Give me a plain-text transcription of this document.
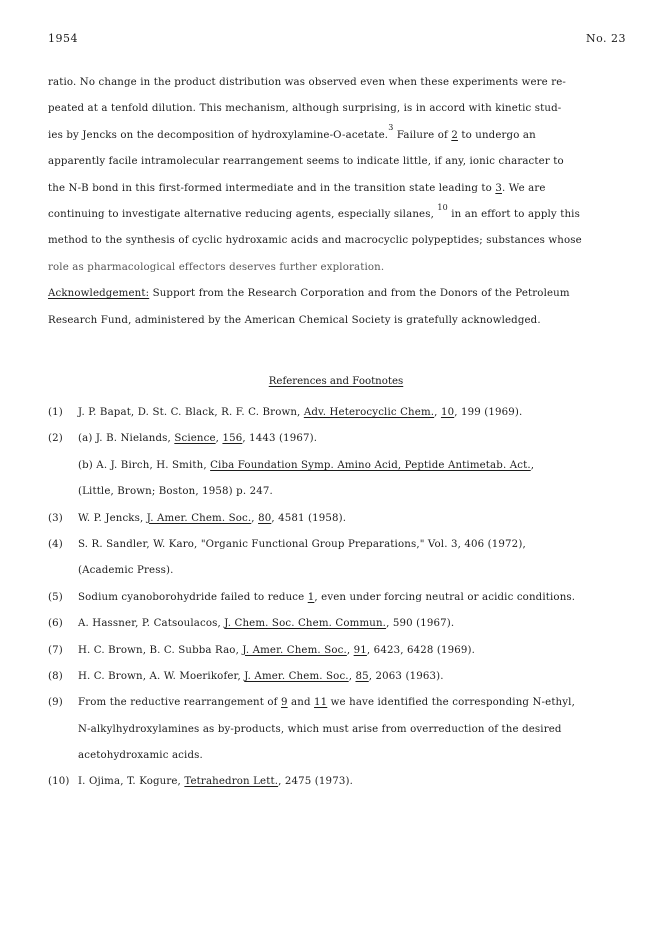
1954	No. 23
ratio. No change in the product distribution was observed even when these experiments were re-
peated at a tenfold dilution. This mechanism, although surprising, is in accord with kinetic stud-
ies by Jencks on the decomposition of hydroxylamine-O-acetate.$^3$ Failure of 2 to undergo an
apparently facile intramolecular rearrangement seems to indicate little, if any, ionic character to
the N-B bond in this first-formed intermediate and in the transition state leading to 3. We are
continuing to investigate alternative reducing agents, especially silanes, $^{10}$ in an effort to apply this
method to the synthesis of cyclic hydroxamic acids and macrocyclic polypeptides; substances whose
role as pharmacological effectors deserves further exploration.
Acknowledgement: Support from the Research Corporation and from the Donors of the Petroleum
Research Fund, administered by the American Chemical Society is gratefully acknowledged.
References and Footnotes
(1)	J. P. Bapat, D. St. C. Black, R. F. C. Brown, Adv. Heterocyclic Chem., 10, 199 (1969).
(2)	(a) J. B. Nielands, Science, 156, 1443 (1967).
(b) A. J. Birch, H. Smith, Ciba Foundation Symp. Amino Acid, Peptide Antimetab. Act.,
(Little, Brown; Boston, 1958) p. 247.
(3)	W. P. Jencks, J. Amer. Chem. Soc., 80, 4581 (1958).
(4)	S. R. Sandler, W. Karo, "Organic Functional Group Preparations," Vol. 3, 406 (1972),
(Academic Press).
(5)	Sodium cyanoborohydride failed to reduce 1, even under forcing neutral or acidic conditions.
(6)	A. Hassner, P. Catsoulacos, J. Chem. Soc. Chem. Commun., 590 (1967).
(7)	H. C. Brown, B. C. Subba Rao, J. Amer. Chem. Soc., 91, 6423, 6428 (1969).
(8)	H. C. Brown, A. W. Moerikofer, J. Amer. Chem. Soc., 85, 2063 (1963).
(9)	From the reductive rearrangement of 9 and 11 we have identified the corresponding N-ethyl,
N-alkylhydroxylamines as by-products, which must arise from overreduction of the desired
acetohydroxamic acids.
(10) I. Ojima, T. Kogure, Tetrahedron Lett., 2475 (1973).
